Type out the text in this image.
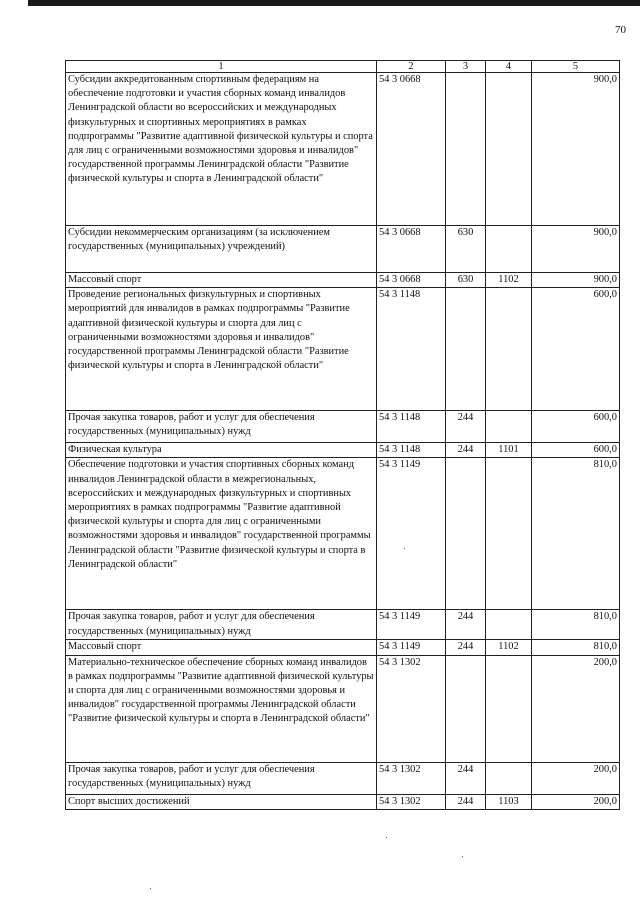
70
1	2	3	4	5
Субсидии аккредитованным спортивным федерациям на обеспечение подготовки и участия сборных команд инвалидов Ленинградской области во всероссийских и международных физкультурных и спортивных мероприятиях в рамках подпрограммы "Развитие адаптивной физической культуры и спорта для лиц с ограниченными возможностями здоровья и инвалидов" государственной программы Ленинградской области "Развитие физической культуры и спорта в Ленинградской области"	54 3 0668			900,0
Субсидии некоммерческим организациям (за исключением государственных (муниципальных) учреждений)	54 3 0668	630		900,0
Массовый спорт	54 3 0668	630	1102	900,0
Проведение региональных физкультурных и спортивных мероприятий для инвалидов в рамках подпрограммы "Развитие адаптивной физической культуры и спорта для лиц с ограниченными возможностями здоровья и инвалидов" государственной программы Ленинградской области "Развитие физической культуры и спорта в Ленинградской области"	54 3 1148			600,0
Прочая закупка товаров, работ и услуг для обеспечения государственных (муниципальных) нужд	54 3 1148	244		600,0
Физическая культура	54 3 1148	244	1101	600,0
Обеспечение подготовки и участия спортивных сборных команд инвалидов Ленинградской области в межрегиональных, всероссийских и международных физкультурных и спортивных мероприятиях в рамках подпрограммы "Развитие адаптивной физической культуры и спорта для лиц с ограниченными возможностями здоровья и инвалидов" государственной программы Ленинградской области "Развитие физической культуры и спорта в Ленинградской области"	54 3 1149			810,0
Прочая закупка товаров, работ и услуг для обеспечения государственных (муниципальных) нужд	54 3 1149	244		810,0
Массовый спорт	54 3 1149	244	1102	810,0
Материально-техническое обеспечение сборных команд инвалидов в рамках подпрограммы "Развитие адаптивной физической культуры и спорта для лиц с ограниченными возможностями здоровья и инвалидов" государственной программы Ленинградской области "Развитие физической культуры и спорта в Ленинградской области"	54 3 1302			200,0
Прочая закупка товаров, работ и услуг для обеспечения государственных (муниципальных) нужд	54 3 1302	244		200,0
Спорт высших достижений	54 3 1302	244	1103	200,0
